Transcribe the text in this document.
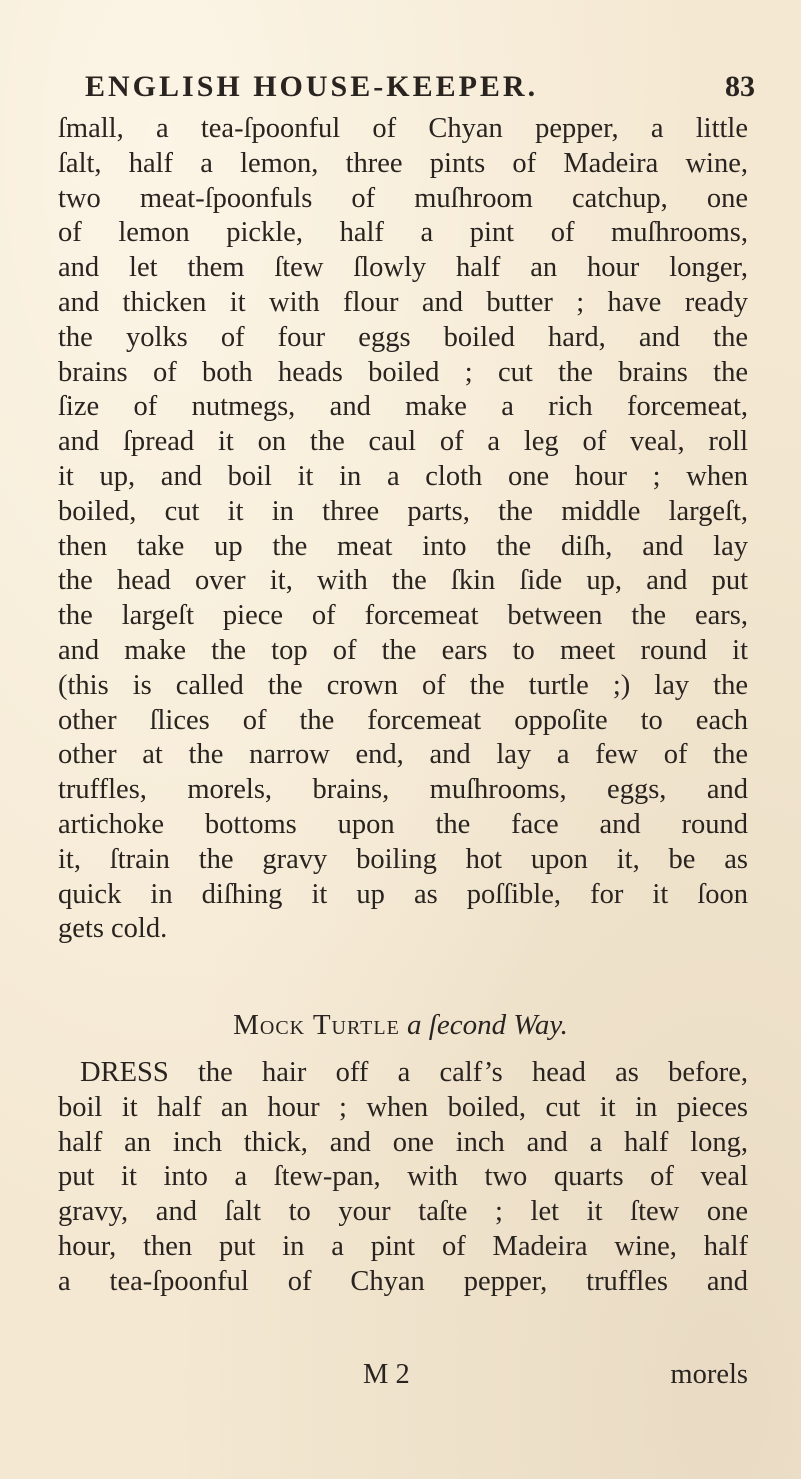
ENGLISH HOUSE-KEEPER.	83
ſmall, a tea-ſpoonful of Chyan pepper, a little
ſalt, half a lemon, three pints of Madeira wine,
two meat-ſpoonfuls of muſhroom catchup, one
of lemon pickle, half a pint of muſhrooms,
and let them ſtew ſlowly half an hour longer,
and thicken it with flour and butter ; have ready
the yolks of four eggs boiled hard, and the
brains of both heads boiled ; cut the brains the
ſize of nutmegs, and make a rich forcemeat,
and ſpread it on the caul of a leg of veal, roll
it up, and boil it in a cloth one hour ; when
boiled, cut it in three parts, the middle largeſt,
then take up the meat into the diſh, and lay
the head over it, with the ſkin ſide up, and put
the largeſt piece of forcemeat between the ears,
and make the top of the ears to meet round it
(this is called the crown of the turtle ;) lay the
other ſlices of the forcemeat oppoſite to each
other at the narrow end, and lay a few of the
truffles, morels, brains, muſhrooms, eggs, and
artichoke bottoms upon the face and round
it, ſtrain the gravy boiling hot upon it, be as
quick in diſhing it up as poſſible, for it ſoon
gets cold.
Mock Turtle a ſecond Way.
DRESS the hair off a calf’s head as before,
boil it half an hour ; when boiled, cut it in pieces
half an inch thick, and one inch and a half long,
put it into a ſtew-pan, with two quarts of veal
gravy, and ſalt to your taſte ; let it ſtew one
hour, then put in a pint of Madeira wine, half
a tea-ſpoonful of Chyan pepper, truffles and
M 2	morels
